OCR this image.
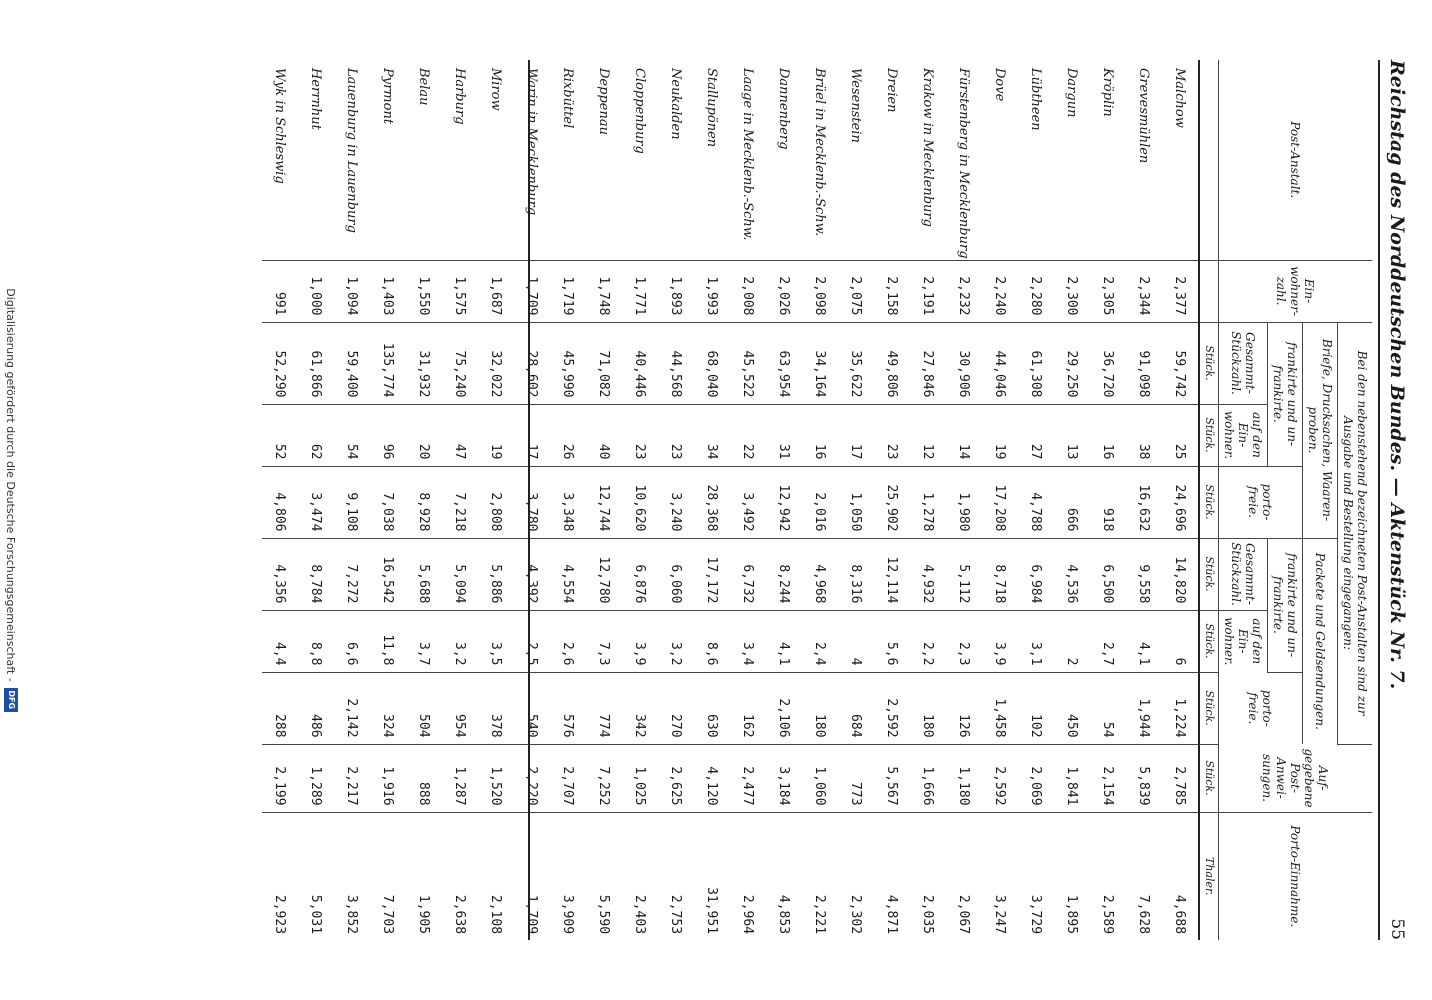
Reichstag des Norddeutschen Bundes. — Aktenstück Nr. 7.
55
Post-Anstalt.	Ein-wohner-zahl.	Bei den nebenstehend bezeichneten Post-Anstalten sind zur Ausgabe und Bestellung eingegangen:						Auf-gegebene Post-Anwei-sungen.	Porto-Einnahme.
		Briefe, Drucksachen, Waaren-proben.			Packete und Geldsendungen.				
		frankirte und un-frankirte.		porto-freie.	frankirte und un-frankirte.		porto-freie.		
		Gesammt-Stückzahl.	auf den Ein-wohner.		Gesammt-Stückzahl.	auf den Ein-wohner.			
		Stück.	Stück.	Stück.	Stück.	Stück.	Stück.	Stück.	Thaler.
Malchow	2,377	59,742	25	24,696	14,820	6	1,224	2,785	4,688
Grevesmühlen	2,344	91,098	38	16,632	9,558	4,1	1,944	5,839	7,628
Kröplin	2,305	36,720	16	918	6,500	2,7	54	2,154	2,589
Dargun	2,300	29,250	13	666	4,536	2	450	1,841	1,895
Lübtheen	2,280	61,308	27	4,788	6,984	3,1	102	2,069	3,729
Dove	2,240	44,046	19	17,208	8,718	3,9	1,458	2,592	3,247
Fürstenberg in Mecklenburg	2,232	30,906	14	1,980	5,112	2,3	126	1,180	2,067
Krakow in Mecklenburg	2,191	27,846	12	1,278	4,932	2,2	180	1,666	2,035
Dreien	2,158	49,806	23	25,902	12,114	5,6	2,592	5,567	4,871
Wesenstein	2,075	35,622	17	1,050	8,316	4	684	773	2,302
Brüel in Mecklenb.-Schw.	2,098	34,164	16	2,016	4,968	2,4	180	1,060	2,221
Dannenberg	2,026	63,954	31	12,942	8,244	4,1	2,106	3,184	4,853
Laage in Mecklenb.-Schw.	2,008	45,522	22	3,492	6,732	3,4	162	2,477	2,964
Stallupönen	1,993	68,040	34	28,368	17,172	8,6	630	4,120	31,951
Neukalden	1,893	44,568	23	3,240	6,060	3,2	270	2,625	2,753
Cloppenburg	1,771	40,446	23	10,620	6,876	3,9	342	1,025	2,403
Deppenau	1,748	71,082	40	12,744	12,780	7,3	774	7,252	5,590
Rixbüttel	1,719	45,990	26	3,348	4,554	2,6	576	2,707	3,909
Warin in Mecklenburg	1,709	28,602	17	3,780	4,392	2,5	540	2,220	1,709
Mirow	1,687	32,022	19	2,808	5,886	3,5	378	1,520	2,108
Harburg	1,575	75,240	47	7,218	5,094	3,2	954	1,287	2,638
Belau	1,550	31,932	20	8,928	5,688	3,7	504	888	1,905
Pyrmont	1,403	135,774	96	7,038	16,542	11,8	324	1,916	7,703
Lauenburg in Lauenburg	1,094	59,400	54	9,108	7,272	6,6	2,142	2,217	3,852
Herrnhut	1,000	61,866	62	3,474	8,784	8,8	486	1,289	5,031
Wyk in Schleswig	991	52,290	52	4,806	4,356	4,4	288	2,199	2,923
Digitalisierung gefördert durch die Deutsche Forschungsgemeinschaft -
DFG
